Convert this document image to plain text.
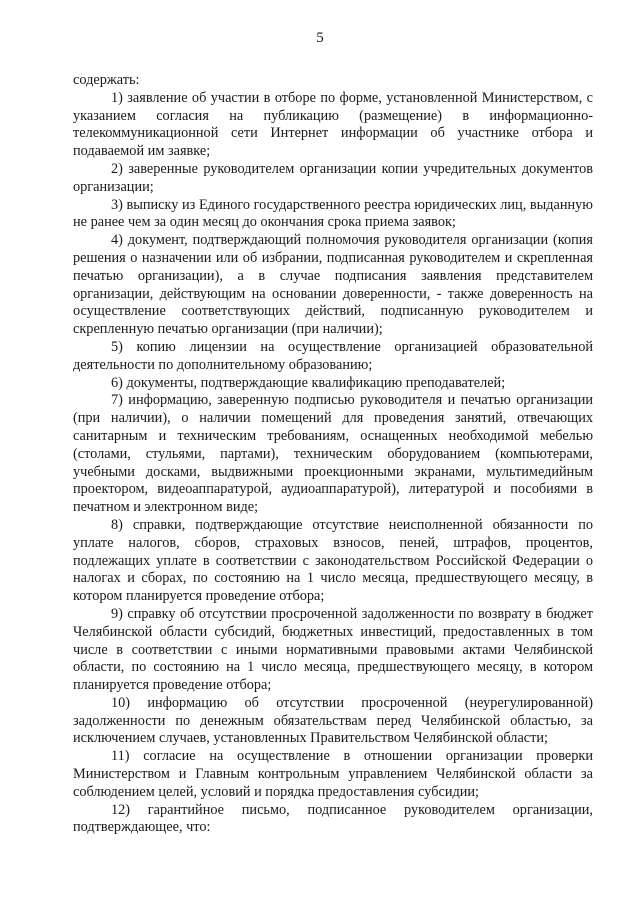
5

содержать:

1) заявление об участии в отборе по форме, установленной Министерством, с указанием согласия на публикацию (размещение) в информационно-телекоммуникационной сети Интернет информации об участнике отбора и подаваемой им заявке;

2) заверенные руководителем организации копии учредительных документов организации;

3) выписку из Единого государственного реестра юридических лиц, выданную не ранее чем за один месяц до окончания срока приема заявок;

4) документ, подтверждающий полномочия руководителя организации (копия решения о назначении или об избрании, подписанная руководителем и скрепленная печатью организации), а в случае подписания заявления представителем организации, действующим на основании доверенности, - также доверенность на осуществление соответствующих действий, подписанную руководителем и скрепленную печатью организации (при наличии);

5) копию лицензии на осуществление организацией образовательной деятельности по дополнительному образованию;

6) документы, подтверждающие квалификацию преподавателей;

7) информацию, заверенную подписью руководителя и печатью организации (при наличии), о наличии помещений для проведения занятий, отвечающих санитарным и техническим требованиям, оснащенных необходимой мебелью (столами, стульями, партами), техническим оборудованием (компьютерами, учебными досками, выдвижными проекционными экранами, мультимедийным проектором, видеоаппаратурой, аудиоаппаратурой), литературой и пособиями в печатном и электронном виде;

8) справки, подтверждающие отсутствие неисполненной обязанности по уплате налогов, сборов, страховых взносов, пеней, штрафов, процентов, подлежащих уплате в соответствии с законодательством Российской Федерации о налогах и сборах, по состоянию на 1 число месяца, предшествующего месяцу, в котором планируется проведение отбора;

9) справку об отсутствии просроченной задолженности по возврату в бюджет Челябинской области субсидий, бюджетных инвестиций, предоставленных в том числе в соответствии с иными нормативными правовыми актами Челябинской области, по состоянию на 1 число месяца, предшествующего месяцу, в котором планируется проведение отбора;

10) информацию об отсутствии просроченной (неурегулированной) задолженности по денежным обязательствам перед Челябинской областью, за исключением случаев, установленных Правительством Челябинской области;

11) согласие на осуществление в отношении организации проверки Министерством и Главным контрольным управлением Челябинской области за соблюдением целей, условий и порядка предоставления субсидии;

12) гарантийное письмо, подписанное руководителем организации, подтверждающее, что:
